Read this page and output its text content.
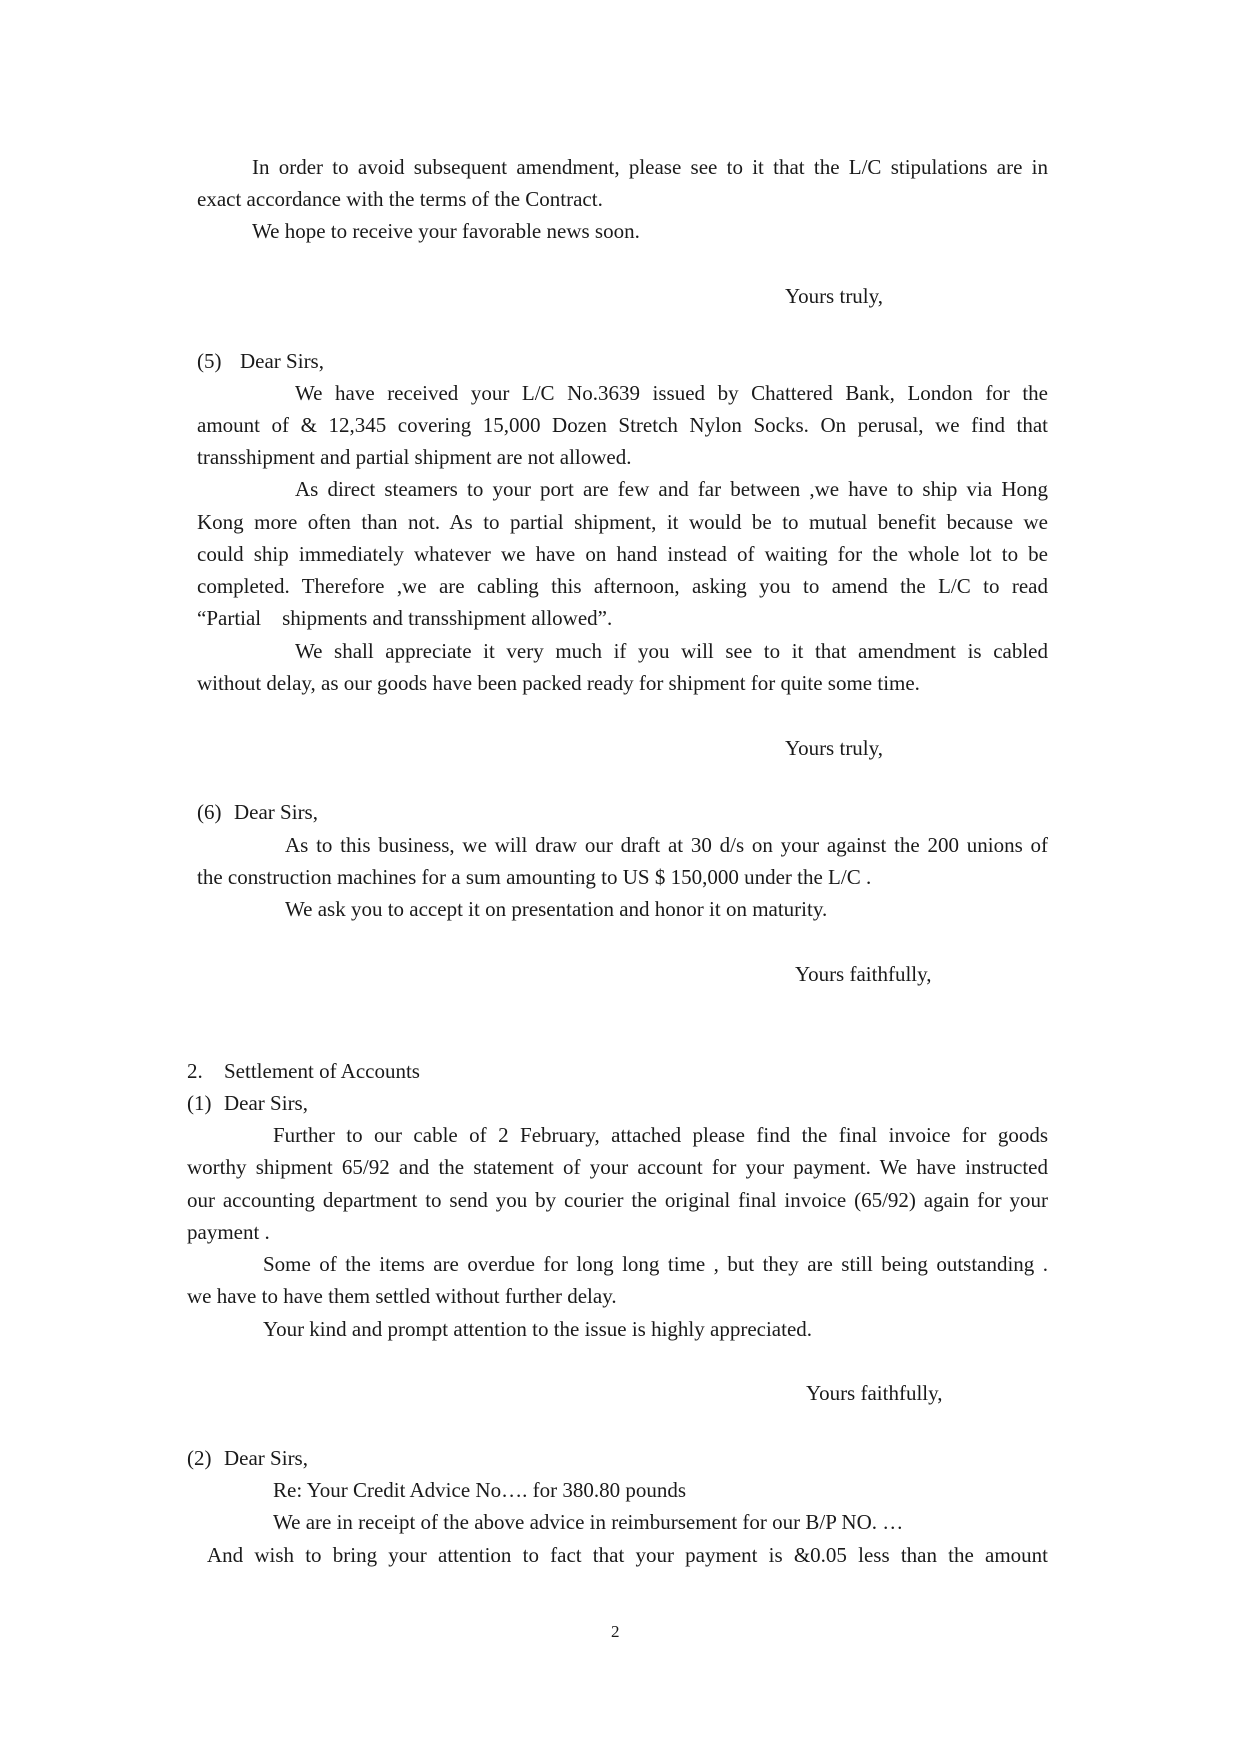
In order to avoid subsequent amendment, please see to it that the L/C stipulations are in
exact accordance with the terms of the Contract.
We hope to receive your favorable news soon.
Yours truly,
(5) Dear Sirs,
We have received your L/C No.3639 issued by Chattered Bank, London for the
amount of & 12,345 covering 15,000 Dozen Stretch Nylon Socks. On perusal, we find that
transshipment and partial shipment are not allowed.
As direct steamers to your port are few and far between ,we have to ship via Hong
Kong more often than not. As to partial shipment, it would be to mutual benefit because we
could ship immediately whatever we have on hand instead of waiting for the whole lot to be
completed. Therefore ,we are cabling this afternoon, asking you to amend the L/C to read
“Partial    shipments and transshipment allowed”.
We shall appreciate it very much if you will see to it that amendment is cabled
without delay, as our goods have been packed ready for shipment for quite some time.
Yours truly,
(6) Dear Sirs,
As to this business, we will draw our draft at 30 d/s on your against the 200 unions of
the construction machines for a sum amounting to US $ 150,000 under the L/C .
We ask you to accept it on presentation and honor it on maturity.
Yours faithfully,
2. Settlement of Accounts
(1) Dear Sirs,
Further to our cable of 2 February, attached please find the final invoice for goods
worthy shipment 65/92 and the statement of your account for your payment. We have instructed
our accounting department to send you by courier the original final invoice (65/92) again for your
payment .
Some of the items are overdue for long long time , but they are still being outstanding .
we have to have them settled without further delay.
Your kind and prompt attention to the issue is highly appreciated.
Yours faithfully,
(2) Dear Sirs,
Re: Your Credit Advice No…. for 380.80 pounds
We are in receipt of the above advice in reimbursement for our B/P NO. …
And wish to bring your attention to fact that your payment is &0.05 less than the amount
2
